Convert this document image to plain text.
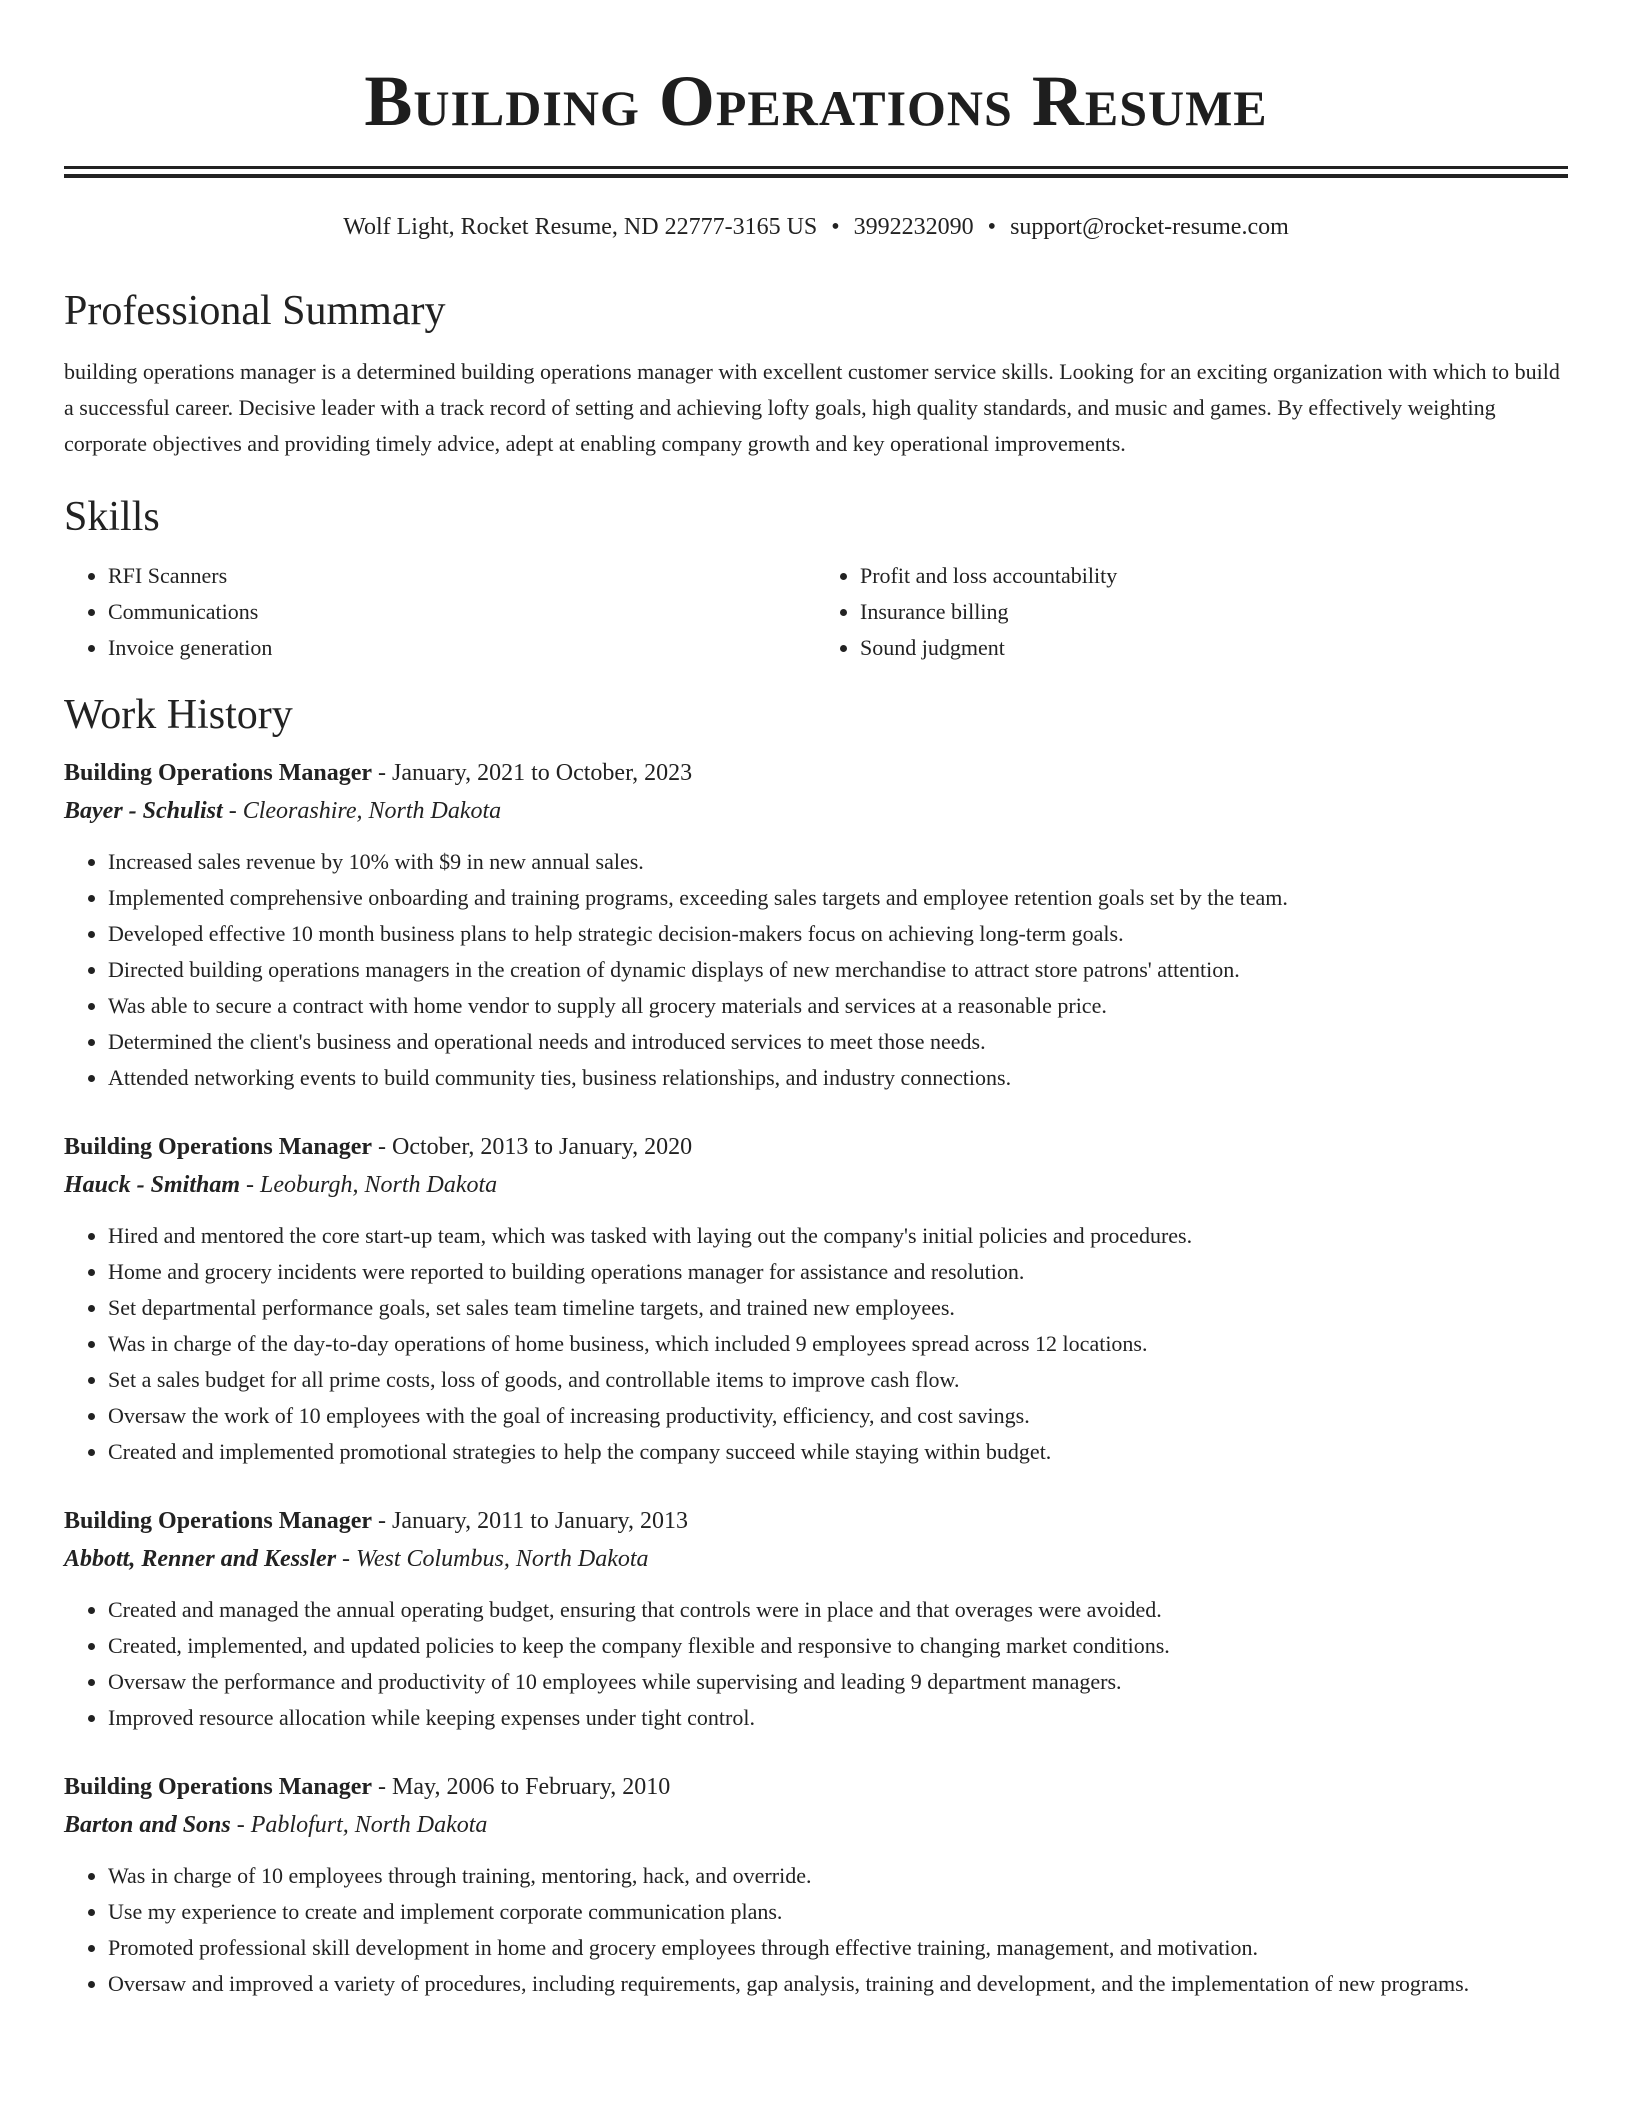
Building Operations Resume
Wolf Light, Rocket Resume, ND 22777-3165 US • 3992232090 • support@rocket-resume.com
Professional Summary

building operations manager is a determined building operations manager with excellent customer service skills. Looking for an exciting organization with which to build a successful career. Decisive leader with a track record of setting and achieving lofty goals, high quality standards, and music and games. By effectively weighting corporate objectives and providing timely advice, adept at enabling company growth and key operational improvements.

Skills
• RFI Scanners
• Communications
• Invoice generation
• Profit and loss accountability
• Insurance billing
• Sound judgment
Work History
Building Operations Manager - January, 2021 to October, 2023
Bayer - Schulist - Cleorashire, North Dakota
• Increased sales revenue by 10% with $9 in new annual sales.
• Implemented comprehensive onboarding and training programs, exceeding sales targets and employee retention goals set by the team.
• Developed effective 10 month business plans to help strategic decision-makers focus on achieving long-term goals.
• Directed building operations managers in the creation of dynamic displays of new merchandise to attract store patrons' attention.
• Was able to secure a contract with home vendor to supply all grocery materials and services at a reasonable price.
• Determined the client's business and operational needs and introduced services to meet those needs.
• Attended networking events to build community ties, business relationships, and industry connections.
Building Operations Manager - October, 2013 to January, 2020
Hauck - Smitham - Leoburgh, North Dakota
• Hired and mentored the core start-up team, which was tasked with laying out the company's initial policies and procedures.
• Home and grocery incidents were reported to building operations manager for assistance and resolution.
• Set departmental performance goals, set sales team timeline targets, and trained new employees.
• Was in charge of the day-to-day operations of home business, which included 9 employees spread across 12 locations.
• Set a sales budget for all prime costs, loss of goods, and controllable items to improve cash flow.
• Oversaw the work of 10 employees with the goal of increasing productivity, efficiency, and cost savings.
• Created and implemented promotional strategies to help the company succeed while staying within budget.
Building Operations Manager - January, 2011 to January, 2013
Abbott, Renner and Kessler - West Columbus, North Dakota
• Created and managed the annual operating budget, ensuring that controls were in place and that overages were avoided.
• Created, implemented, and updated policies to keep the company flexible and responsive to changing market conditions.
• Oversaw the performance and productivity of 10 employees while supervising and leading 9 department managers.
• Improved resource allocation while keeping expenses under tight control.
Building Operations Manager - May, 2006 to February, 2010
Barton and Sons - Pablofurt, North Dakota
• Was in charge of 10 employees through training, mentoring, hack, and override.
• Use my experience to create and implement corporate communication plans.
• Promoted professional skill development in home and grocery employees through effective training, management, and motivation.
• Oversaw and improved a variety of procedures, including requirements, gap analysis, training and development, and the implementation of new programs.
